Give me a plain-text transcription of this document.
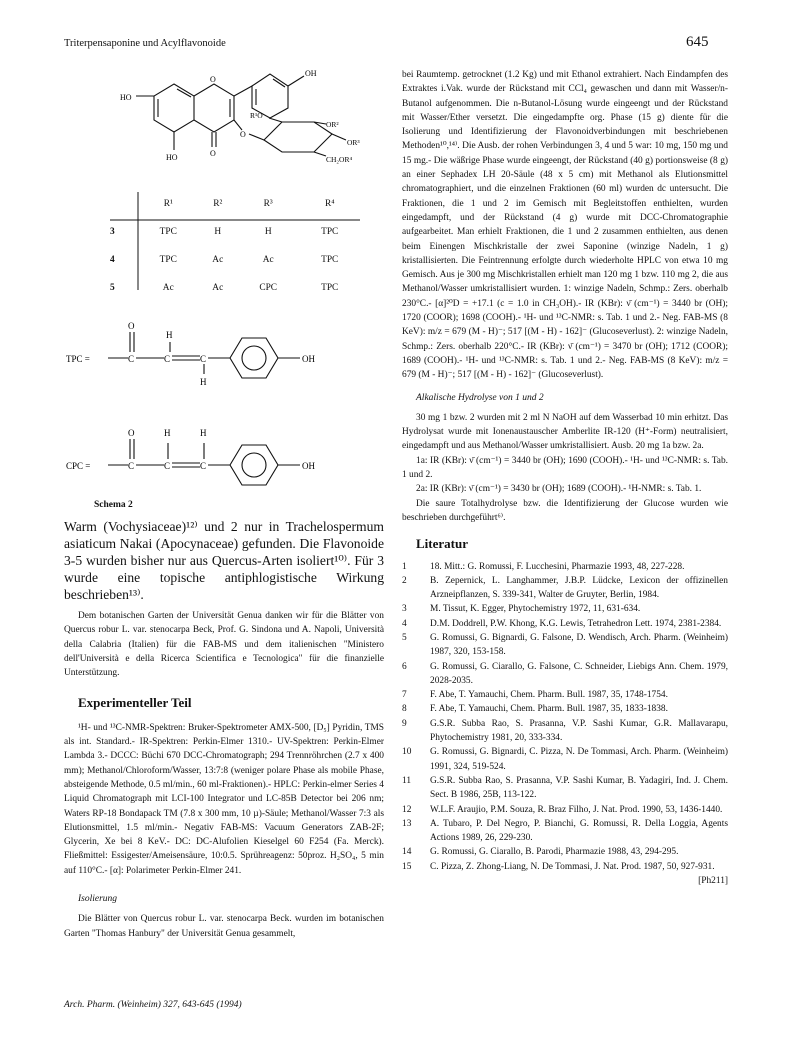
Triterpensaponine und Acylflavonoide	645
OH
HO
O
O
O
HO
R¹O
OR²
OR³
CH₂OR⁴
	R¹	R²	R³	R⁴
3	TPC	H	H	TPC
4	TPC	Ac	Ac	TPC
5	Ac	Ac	CPC	TPC
TPC =
O
C	C	C
H
H
OH
CPC =
O
C	C	C
H	H
OH
Schema 2

Warm (Vochysiaceae)¹²⁾ und 2 nur in Trachelospermum asiaticum Nakai (Apocynaceae) gefunden. Die Flavonoide 3-5 wurden bisher nur aus Quercus-Arten isoliert¹⁰⁾. Für 3 wurde eine topische antiphlogistische Wirkung beschrieben¹³⁾.

Dem botanischen Garten der Universität Genua danken wir für die Blätter von Quercus robur L. var. stenocarpa Beck, Prof. G. Sindona und A. Napoli, Università della Calabria (Italien) für die FAB-MS und dem italienischen "Ministero dell'Università e della Ricerca Scientifica e Tecnologica" für die finanzielle Unterstützung.

Experimenteller Teil

¹H- und ¹³C-NMR-Spektren: Bruker-Spektrometer AMX-500, [D₅] Pyridin, TMS als int. Standard.- IR-Spektren: Perkin-Elmer 1310.- UV-Spektren: Perkin-Elmer Lambda 3.- DCCC: Büchi 670 DCC-Chromatograph; 294 Trennröhrchen (2.7 x 400 mm); Methanol/Chloroform/Wasser, 13:7:8 (weniger polare Phase als mobile Phase, absteigende Methode, 0.5 ml/min., 60 ml-Fraktionen).- HPLC: Perkin-elmer Series 4 Liquid Chromatograph mit LCI-100 Integrator und LC-85B Detector bei 206 nm; Waters RP-18 Bondapack TM (7.8 x 300 mm, 10 µ)-Säule; Methanol/Wasser 7:3 als Elutionsmittel, 1.5 ml/min.- Negativ FAB-MS: Vacuum Generators ZAB-2F; Glycerin, Xe bei 8 KeV.- DC: DC-Alufolien Kieselgel 60 F254 (Fa. Merck). Fließmittel: Essigester/Ameisensäure, 10:0.5. Sprühreagenz: 50proz. H₂SO₄, 5 min auf 110°C.- [α]: Polarimeter Perkin-Elmer 241.

Isolierung

Die Blätter von Quercus robur L. var. stenocarpa Beck. wurden im botanischen Garten "Thomas Hanbury" der Universität Genua gesammelt,

bei Raumtemp. getrocknet (1.2 Kg) und mit Ethanol extrahiert. Nach Eindampfen des Extraktes i.Vak. wurde der Rückstand mit CCl₄ gewaschen und dann mit Wasser/n-Butanol aufgenommen. Die n-Butanol-Lösung wurde eingeengt und der Rückstand mit Wasser/Ether versetzt. Die eingedampfte org. Phase (15 g) diente für die Isolierung und Identifizierung der Flavonoidverbindungen mit beschriebenen Methoden¹⁰,¹⁴⁾. Die Ausb. der rohen Verbindungen 3, 4 und 5 war: 10 mg, 150 mg und 15 mg.- Die wäßrige Phase wurde eingeengt, der Rückstand (40 g) portionsweise (8 g) an einer Sephadex LH 20-Säule (48 x 5 cm) mit Methanol als Elutionsmittel chromatographiert, und die einzelnen Fraktionen (60 ml) wurden dc untersucht. Die Fraktionen, die 1 und 2 im Gemisch mit Begleitstoffen enthielten, wurden eingedampft, und der Rückstand (4 g) wurde mit DCC-Chromatographie aufgearbeitet. Man erhielt Fraktionen, die 1 und 2 zusammen enthielten, aus denen beim Einengen Mischkristalle der zwei Saponine (winzige Nadeln, 1 g) kristallisierten. Die Feintrennung erfolgte durch wiederholte HPLC von etwa 10 mg Gemisch. Aus je 300 mg Mischkristallen erhielt man 120 mg 1 bzw. 110 mg 2, die aus Methanol/Wasser umkristallisiert wurden. 1: winzige Nadeln, Schmp.: Zers. oberhalb 230°C.- [α]²⁰D = +17.1 (c = 1.0 in CH₃OH).- IR (KBr): ν̄ (cm⁻¹) = 3440 br (OH); 1720 (COOR); 1698 (COOH).- ¹H- und ¹³C-NMR: s. Tab. 1 und 2.- Neg. FAB-MS (8 KeV): m/z = 679 (M - H)⁻; 517 [(M - H) - 162]⁻ (Glucoseverlust). 2: winzige Nadeln, Schmp.: Zers. oberhalb 220°C.- IR (KBr): ν̄ (cm⁻¹) = 3470 br (OH); 1712 (COOR); 1689 (COOH).- ¹H- und ¹³C-NMR: s. Tab. 1 und 2.- Neg. FAB-MS (8 KeV): m/z = 679 (M - H)⁻; 517 [(M - H) - 162]⁻ (Glucoseverlust).

Alkalische Hydrolyse von 1 und 2

30 mg 1 bzw. 2 wurden mit 2 ml N NaOH auf dem Wasserbad 10 min erhitzt. Das Hydrolysat wurde mit Ionenaustauscher Amberlite IR-120 (H⁺-Form) neutralisiert, eingedampft und aus Methanol/Wasser umkristallisiert. Ausb. 20 mg 1a bzw. 2a.

1a: IR (KBr): ν̄ (cm⁻¹) = 3440 br (OH); 1690 (COOH).- ¹H- und ¹³C-NMR: s. Tab. 1 und 2.

2a: IR (KBr): ν̄ (cm⁻¹) = 3430 br (OH); 1689 (COOH).- ¹H-NMR: s. Tab. 1.

Die saure Totalhydrolyse bzw. die Identifizierung der Glucose wurden wie beschrieben durchgeführt⁶⁾.

Literatur

1	18. Mitt.: G. Romussi, F. Lucchesini, Pharmazie 1993, 48, 227-228.
2	B. Zepernick, L. Langhammer, J.B.P. Lüdcke, Lexicon der offizinellen Arzneipflanzen, S. 339-341, Walter de Gruyter, Berlin, 1984.
3	M. Tissut, K. Egger, Phytochemistry 1972, 11, 631-634.
4	D.M. Doddrell, P.W. Khong, K.G. Lewis, Tetrahedron Lett. 1974, 2381-2384.
5	G. Romussi, G. Bignardi, G. Falsone, D. Wendisch, Arch. Pharm. (Weinheim) 1987, 320, 153-158.
6	G. Romussi, G. Ciarallo, G. Falsone, C. Schneider, Liebigs Ann. Chem. 1979, 2028-2035.
7	F. Abe, T. Yamauchi, Chem. Pharm. Bull. 1987, 35, 1748-1754.
8	F. Abe, T. Yamauchi, Chem. Pharm. Bull. 1987, 35, 1833-1838.
9	G.S.R. Subba Rao, S. Prasanna, V.P. Sashi Kumar, G.R. Mallavarapu, Phytochemistry 1981, 20, 333-334.
10	G. Romussi, G. Bignardi, C. Pizza, N. De Tommasi, Arch. Pharm. (Weinheim) 1991, 324, 519-524.
11	G.S.R. Subba Rao, S. Prasanna, V.P. Sashi Kumar, B. Yadagiri, Ind. J. Chem. Sect. B 1986, 25B, 113-122.
12	W.L.F. Araujio, P.M. Souza, R. Braz Filho, J. Nat. Prod. 1990, 53, 1436-1440.
13	A. Tubaro, P. Del Negro, P. Bianchi, G. Romussi, R. Della Loggia, Agents Actions 1989, 26, 229-230.
14	G. Romussi, G. Ciarallo, B. Parodi, Pharmazie 1988, 43, 294-295.
15	C. Pizza, Z. Zhong-Liang, N. De Tommasi, J. Nat. Prod. 1987, 50, 927-931.
[Ph211]
Arch. Pharm. (Weinheim) 327, 643-645 (1994)
